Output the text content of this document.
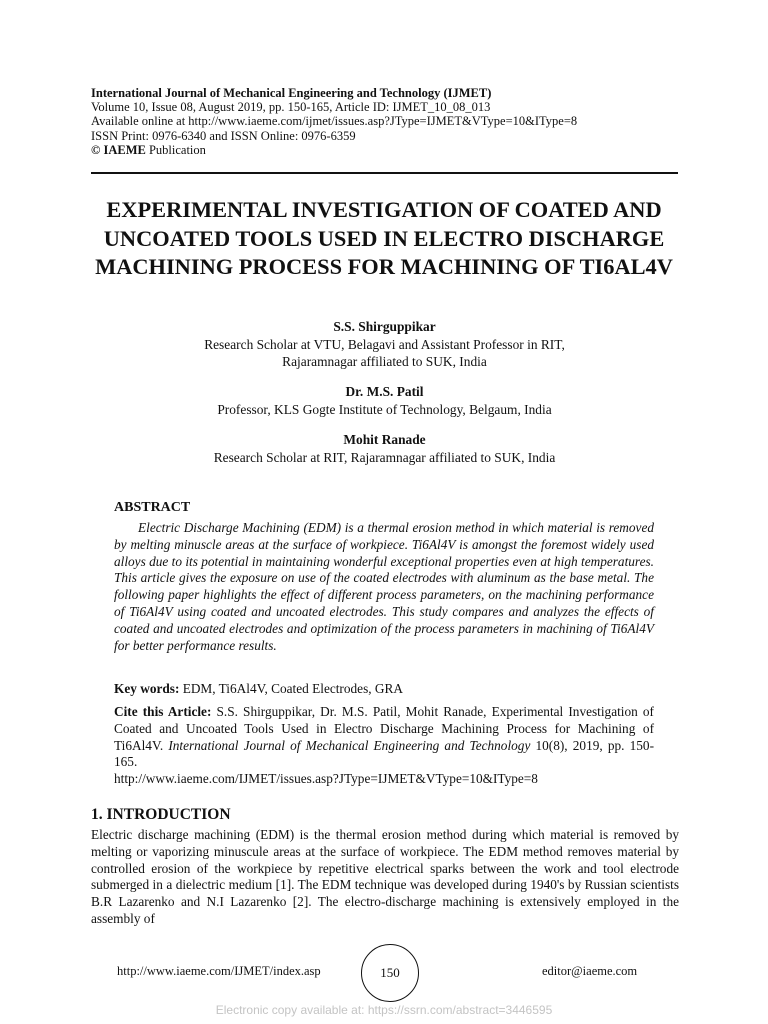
International Journal of Mechanical Engineering and Technology (IJMET)
Volume 10, Issue 08, August 2019, pp. 150-165, Article ID: IJMET_10_08_013
Available online at http://www.iaeme.com/ijmet/issues.asp?JType=IJMET&VType=10&IType=8
ISSN Print: 0976-6340 and ISSN Online: 0976-6359
© IAEME Publication
EXPERIMENTAL INVESTIGATION OF COATED AND UNCOATED TOOLS USED IN ELECTRO DISCHARGE MACHINING PROCESS FOR MACHINING OF TI6AL4V

S.S. Shirguppikar

Research Scholar at VTU, Belagavi and Assistant Professor in RIT,

Rajaramnagar affiliated to SUK, India

Dr. M.S. Patil

Professor, KLS Gogte Institute of Technology, Belgaum, India

Mohit Ranade

Research Scholar at RIT, Rajaramnagar affiliated to SUK, India

ABSTRACT
Electric Discharge Machining (EDM) is a thermal erosion method in which material is removed by melting minuscle areas at the surface of workpiece. Ti6Al4V is amongst the foremost widely used alloys due to its potential in maintaining wonderful exceptional properties even at high temperatures. This article gives the exposure on use of the coated electrodes with aluminum as the base metal. The following paper highlights the effect of different process parameters, on the machining performance of Ti6Al4V using coated and uncoated electrodes. This study compares and analyzes the effects of coated and uncoated electrodes and optimization of the process parameters in machining of Ti6Al4V for better performance results.
Key words: EDM, Ti6Al4V, Coated Electrodes, GRA
Cite this Article: S.S. Shirguppikar, Dr. M.S. Patil, Mohit Ranade, Experimental Investigation of Coated and Uncoated Tools Used in Electro Discharge Machining Process for Machining of Ti6Al4V. International Journal of Mechanical Engineering and Technology 10(8), 2019, pp. 150-165.
http://www.iaeme.com/IJMET/issues.asp?JType=IJMET&VType=10&IType=8
1. INTRODUCTION
Electric discharge machining (EDM) is the thermal erosion method during which material is removed by melting or vaporizing minuscule areas at the surface of workpiece. The EDM method removes material by controlled erosion of the workpiece by repetitive electrical sparks between the work and tool electrode submerged in a dielectric medium [1]. The EDM technique was developed during 1940's by Russian scientists B.R Lazarenko and N.I Lazarenko [2]. The electro-discharge machining is extensively employed in the assembly of
http://www.iaeme.com/IJMET/index.asp	150	editor@iaeme.com
Electronic copy available at: https://ssrn.com/abstract=3446595
